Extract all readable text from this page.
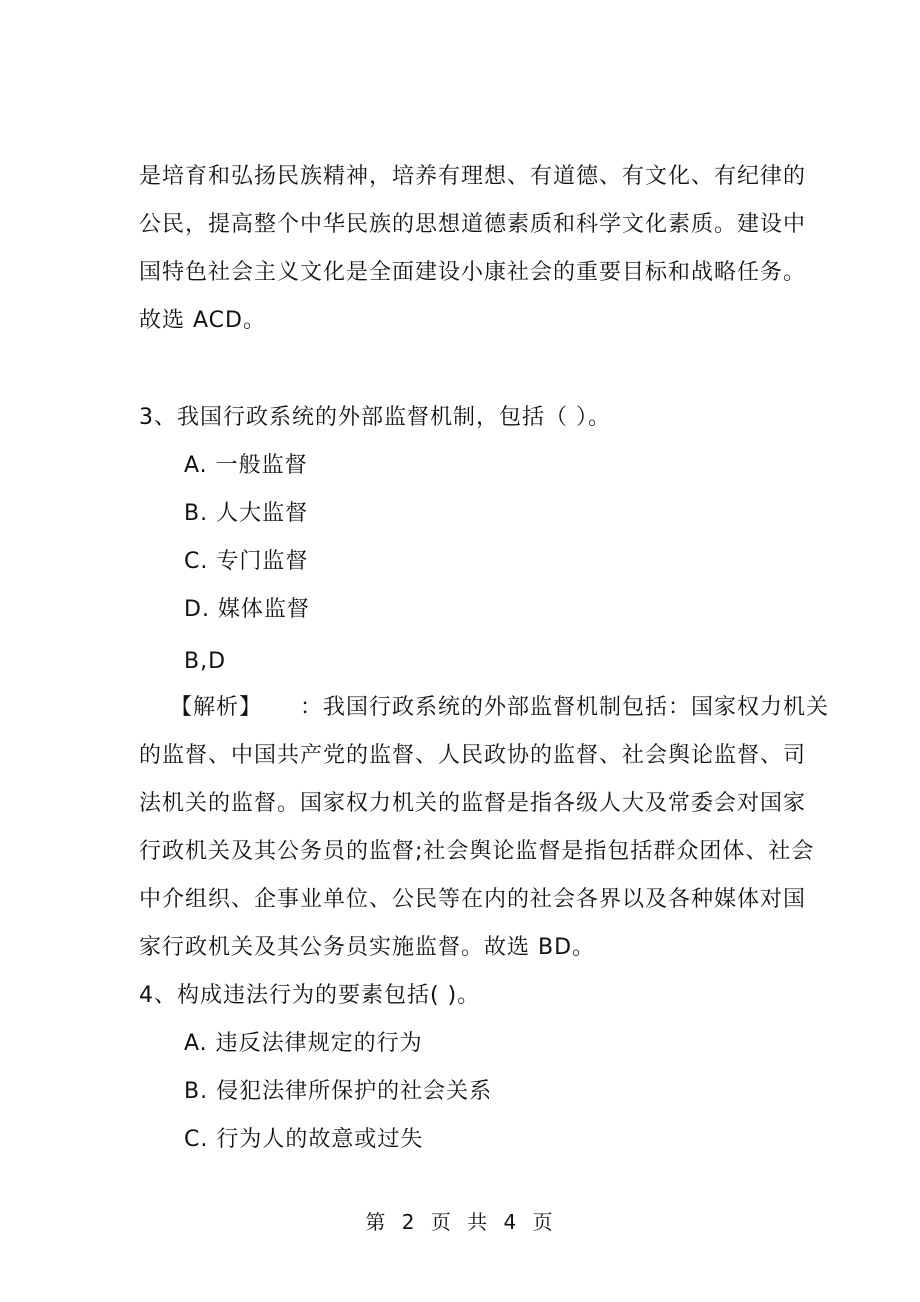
是培育和弘扬民族精神，培养有理想、有道德、有文化、有纪律的
公民，提高整个中华民族的思想道德素质和科学文化素质。建设中
国特色社会主义文化是全面建设小康社会的重要目标和战略任务。
故选 ACD。
3、我国行政系统的外部监督机制，包括（ ）。
A. 一般监督
B. 人大监督
C. 专门监督
D. 媒体监督
B,D
【解析】 ：我国行政系统的外部监督机制包括：国家权力机关
的监督、中国共产党的监督、人民政协的监督、社会舆论监督、司
法机关的监督。国家权力机关的监督是指各级人大及常委会对国家
行政机关及其公务员的监督;社会舆论监督是指包括群众团体、社会
中介组织、企事业单位、公民等在内的社会各界以及各种媒体对国
家行政机关及其公务员实施监督。故选 BD。
4、构成违法行为的要素包括( )。
A. 违反法律规定的行为
B. 侵犯法律所保护的社会关系
C. 行为人的故意或过失
第 2 页 共 4 页
